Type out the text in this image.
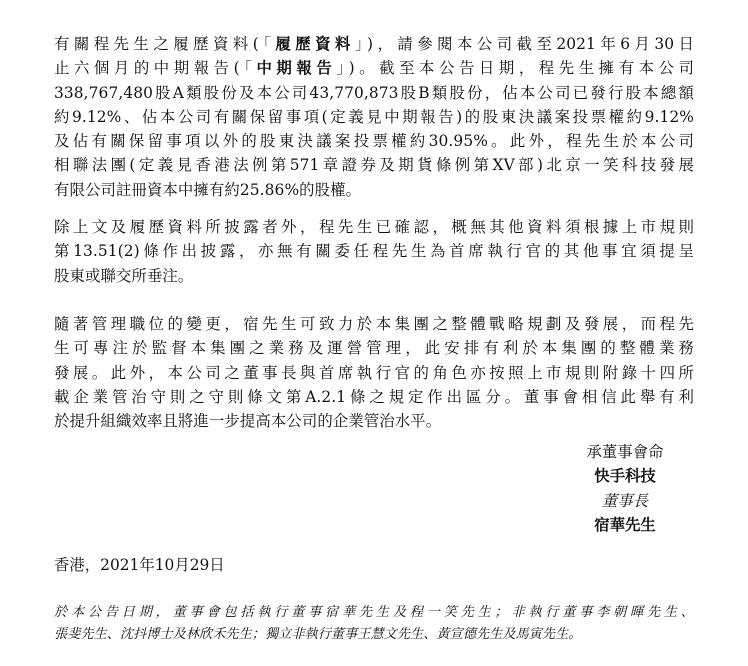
有關程先生之履歷資料(「履歷資料」)，請參閱本公司截至2021年6月30日
止六個月的中期報告(「中期報告」)。截至本公告日期，程先生擁有本公司
338,767,480股A類股份及本公司43,770,873股B類股份，佔本公司已發行股本總額
約9.12%、佔本公司有關保留事項(定義見中期報告)的股東決議案投票權約9.12%
及佔有關保留事項以外的股東決議案投票權約30.95%。此外，程先生於本公司
相聯法團(定義見香港法例第571章證券及期貨條例第XV部)北京一笑科技發展
有限公司註冊資本中擁有約25.86%的股權。
除上文及履歷資料所披露者外，程先生已確認，概無其他資料須根據上市規則
第13.51(2)條作出披露，亦無有關委任程先生為首席執行官的其他事宜須提呈
股東或聯交所垂注。
隨著管理職位的變更，宿先生可致力於本集團之整體戰略規劃及發展，而程先
生可專注於監督本集團之業務及運營管理，此安排有利於本集團的整體業務
發展。此外，本公司之董事長與首席執行官的角色亦按照上市規則附錄十四所
載企業管治守則之守則條文第A.2.1條之規定作出區分。董事會相信此舉有利
於提升組織效率且將進一步提高本公司的企業管治水平。
承董事會命
快手科技
董事長
宿華先生
香港，2021年10月29日
於本公告日期，董事會包括執行董事宿華先生及程一笑先生；非執行董事李朝暉先生、
張斐先生、沈抖博士及林欣禾先生；獨立非執行董事王慧文先生、黃宣德先生及馬寅先生。
